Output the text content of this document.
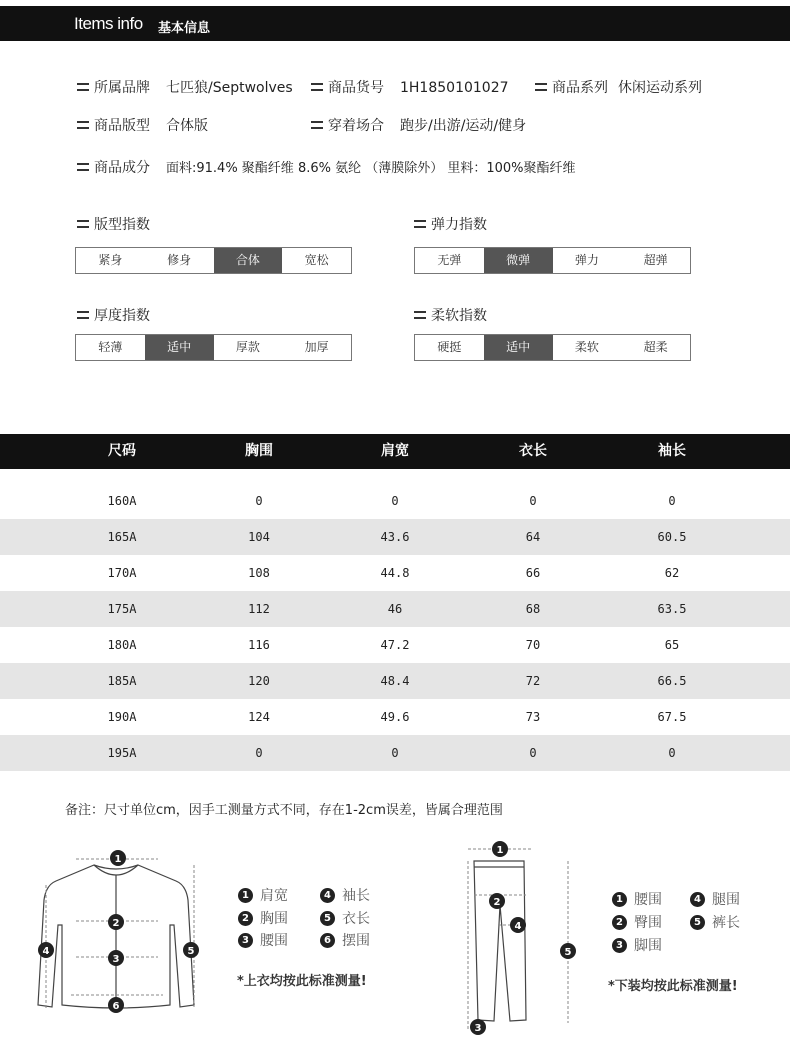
Items info 基本信息
所属品牌 七匹狼/Septwolves	商品货号 1H1850101027	商品系列 休闲运动系列
商品版型 合体版	穿着场合 跑步/出游/运动/健身
商品成分 面料:91.4% 聚酯纤维 8.6% 氨纶 （薄膜除外） 里料：100%聚酯纤维
版型指数
紧身	修身	合体	宽松
弹力指数
无弹	微弹	弹力	超弹
厚度指数
轻薄	适中	厚款	加厚
柔软指数
硬挺	适中	柔软	超柔
尺码	胸围	肩宽	衣长	袖长
160A	0	0	0	0
165A	104	43.6	64	60.5
170A	108	44.8	66	62
175A	112	46	68	63.5
180A	116	47.2	70	65
185A	120	48.4	72	66.5
190A	124	49.6	73	67.5
195A	0	0	0	0
备注：尺寸单位cm，因手工测量方式不同，存在1-2cm误差，皆属合理范围
1
2
3
4	5
6
1 肩宽	4 袖长
2 胸围	5 衣长
3 腰围	6 摆围
*上衣均按此标准测量!
1
2
3
4
5
1 腰围	4 腿围
2 臀围	5 裤长
3 脚围
*下装均按此标准测量!
